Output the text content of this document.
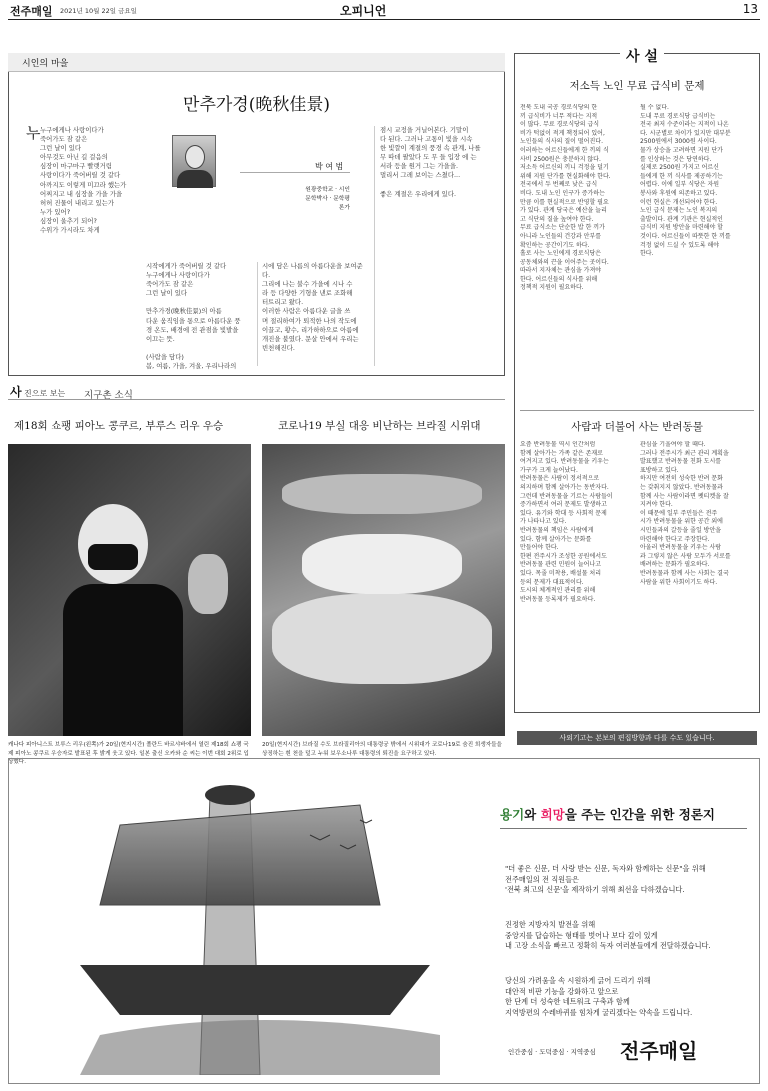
전주매일 2021년 10월 22일 금요일	오피니언	13
시인의 마을
만추가경(晩秋佳景)
누 누구에게나 사랑이다가
죽어가도 잠 같은
그런 날이 있다
아무것도 아닌 길 걸음의
심장이 마구마구 빨랫거림
사랑이다가 죽어버릴 것 같다
아까지도 이렇게 미끄라 했는가
어찌지고 내 심장을 가을 가을
허허 진물이 내리고 있는가
누가 있어?
심장이 울추기 되어?
수위가 가시라도 차게
박 여 범
원광중학교 · 시인
문학박사 · 문학평론가
시작에게가 죽어버릴 것 같다
누구에게나 사랑이다가
죽어가도 잠 같은
그런 날이 있다

만추가경(晩秋佳景)의 아름
다운 움직임을 통으로 아름다운 풍
경 온도, 배경에 전 관점을 빛발을
이끄는 뜻.

(사람을 담다)
봄, 여름, 가을, 겨울, 우리나라의
시에 담은 나름의 아름다운을 보여준
다.
그리에 나는 불수 가을에 시나 수
라 등 다양한 기형을 낸로 조화해
터트리고 왔다.
이러한 사람은 아름다운 글을 쓰
며 절리하여가 퇴적한 나의 작도에
이끌고, 황수, 리가하하으로 아름에
개진을 불였다. 문살 안에서 우리는
빈천해진다.
점시 교정을 거닐어본다. 기말이
다 된다. 그러나 고통이 빛을 시속
한 빛깔이 계절의 풍경 속 관계, 나를
무 따데 팔았다 도 무 들 입장 에 는
서라 등을 원거 그는 가을을.
멀리서 그레 보이는 스쳤다...

좋은 계절은 우리에게 있다.
사 진으로 보는 지구촌 소식
제18회 쇼팽 피아노 콩쿠르, 부루스 리우 우승	코로나19 부실 대응 비난하는 브라질 시위대
캐나다 피아니스트 브루스 리우(왼쪽)가 20일(현지시간) 폴란드 바르샤바에서 열린 제18회 쇼팽 국제 피아노 콩쿠르 우승자로 발표된 후 밝게 웃고 있다. 일본 출신 오카와 순 씨는 이번 대회 2위로 입상했다.
20일(현지시간) 브라질 수도 브라질리아의 대통령궁 밖에서 시위대가 코로나19로 숨진 희생자들을 상징하는 흰 천을 덮고 누워 보우소나루 대통령의 퇴진을 요구하고 있다.
사 설
저소득 노인 무료 급식비 문제
전북 도내 국공 경로식당의 한
끼 급식비가 너무 적다는 지적
이 많다. 무료 경로식당의 급식
비가 턱없이 적게 책정되어 있어,
노인들의 식사의 질이 떨어진다.
이러하는 어르신들에게 한 끼의 식
사비 2500원은 충분하지 않다.
저소득 어르신의 끼니 걱정을 덜기
위해 지원 단가를 현실화해야 한다.
전국에서 두 번째로 낮은 급식
비다. 도내 노인 인구가 증가하는
만큼 이를 현실적으로 반영할 필요
가 있다. 관계 당국은 예산을 늘리
고 식단의 질을 높여야 한다.
무료 급식소는 단순한 밥 한 끼가
아니라 노인들의 건강과 안부를
확인하는 공간이기도 하다.
홀로 사는 노인에게 경로식당은
공동체와의 끈을 이어주는 곳이다.
따라서 지자체는 관심을 가져야
한다. 어르신들의 식사를 위해
정책적 지원이 필요하다.
될 수 없다.
도내 무료 경로식당 급식비는
전국 최저 수준이라는 지적이 나온
다. 시군별로 차이가 있지만 대부분
2500원에서 3000원 사이다.
물가 상승을 고려하면 지원 단가
를 인상하는 것은 당연하다.
실제로 2500원 가지고 어르신
들에게 한 끼 식사를 제공하기는
어렵다. 이에 일부 식당은 자원
봉사와 후원에 의존하고 있다.
이런 현실은 개선되어야 한다.
노인 급식 문제는 노인 복지의
출발이다. 관계 기관은 현실적인
급식비 지원 방안을 마련해야 할
것이다. 어르신들이 따뜻한 한 끼를
걱정 없이 드실 수 있도록 해야
한다.
사람과 더불어 사는 반려동물
요즘 반려동물 역시 인간처럼
함께 살아가는 가족 같은 존재로
여겨지고 있다. 반려동물을 키우는
가구가 크게 늘어났다.
반려동물은 사람이 정서적으로
의지하며 함께 살아가는 동반자다.
그런데 반려동물을 기르는 사람들이
증가하면서 여러 문제도 발생하고
있다. 유기와 학대 등 사회적 문제
가 나타나고 있다.
반려동물의 책임은 사람에게
있다. 함께 살아가는 문화를
만들어야 한다.
한편 전주시가 조성한 공원에서도
반려동물 관련 민원이 늘어나고
있다. 목줄 미착용, 배설물 처리
등의 문제가 대표적이다.
도시의 체계적인 관리를 위해
반려동물 등록제가 필요하다.
관심을 기울여야 할 때다.
그러나 전주시가 최근 관리 계획을
발표했고 반려동물 친화 도시를
표방하고 있다.
하지만 여전히 성숙한 반려 문화
는 갖춰지지 않았다. 반려동물과
함께 사는 사람이라면 펫티켓을 잘
지켜야 한다.
이 때문에 일부 주민들은 전주
시가 반려동물을 위한 공간 외에
시민들과의 갈등을 줄일 방안을
마련해야 한다고 주장한다.
아울러 반려동물을 키우는 사람
과 그렇지 않은 사람 모두가 서로를
배려하는 문화가 필요하다.
반려동물과 함께 사는 사회는 결국
사람을 위한 사회이기도 하다.
사외기고는 본보의 편집방향과 다를 수도 있습니다.
용기와 희망을 주는 인간을 위한 정론지
"더 좋은 신문, 더 사랑 받는 신문, 독자와 함께하는 신문"을 위해
전주매일의 전 직원들은
'전북 최고의 신문'을 제작하기 위해 최선을 다하겠습니다.
진정한 지방자치 발전을 위해
중앙지를 답습하는 형태를 벗어나 보다 깊이 있게
내 고장 소식을 빠르고 정확히 독자 여러분들에게 전달하겠습니다.
당신의 가려움을 속 시원하게 긁어 드리기 위해
대안적 비판 기능을 강화하고 앞으로
한 단계 더 성숙한 네트워크 구축과 함께
지역방편의 수레바퀴를 힘차게 굴리겠다는 약속을 드립니다.
인간중심 · 도덕중심 · 지역중심 전주매일
